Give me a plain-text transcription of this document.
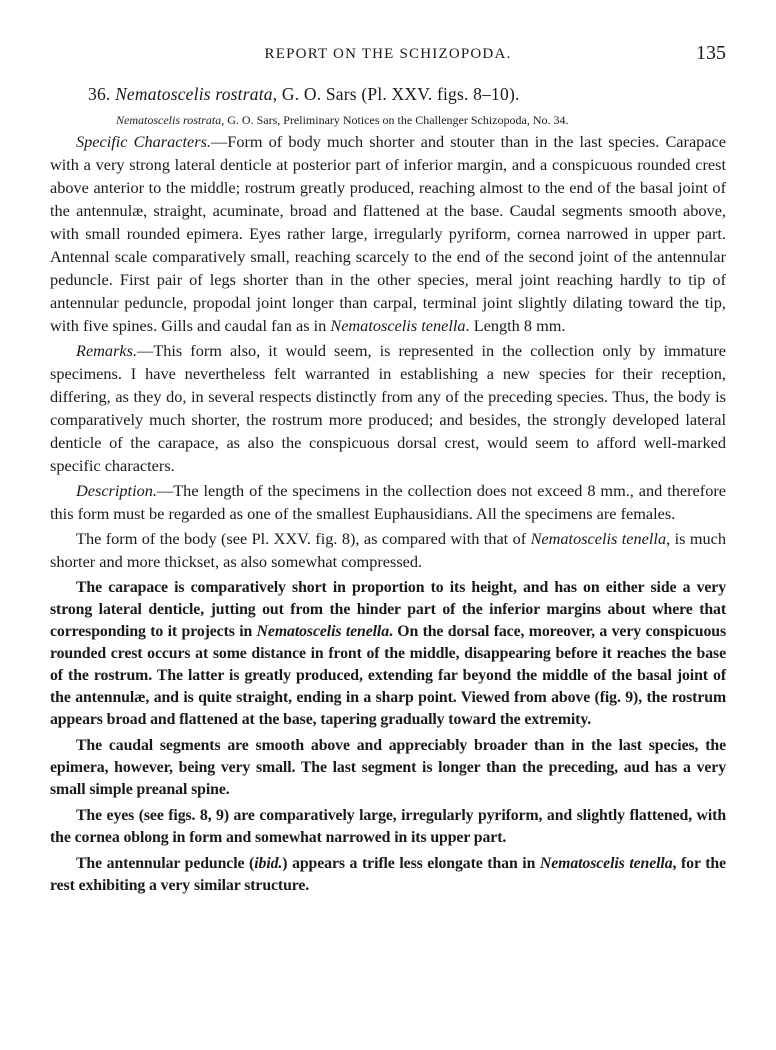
REPORT ON THE SCHIZOPODA.	135
36. Nematoscelis rostrata, G. O. Sars (Pl. XXV. figs. 8–10).
Nematoscelis rostrata, G. O. Sars, Preliminary Notices on the Challenger Schizopoda, No. 34.

Specific Characters.—Form of body much shorter and stouter than in the last species. Carapace with a very strong lateral denticle at posterior part of inferior margin, and a conspicuous rounded crest above anterior to the middle; rostrum greatly produced, reaching almost to the end of the basal joint of the antennulæ, straight, acuminate, broad and flattened at the base. Caudal segments smooth above, with small rounded epimera. Eyes rather large, irregularly pyriform, cornea narrowed in upper part. Antennal scale comparatively small, reaching scarcely to the end of the second joint of the antennular peduncle. First pair of legs shorter than in the other species, meral joint reaching hardly to tip of antennular peduncle, propodal joint longer than carpal, terminal joint slightly dilating toward the tip, with five spines. Gills and caudal fan as in Nematoscelis tenella. Length 8 mm.

Remarks.—This form also, it would seem, is represented in the collection only by immature specimens. I have nevertheless felt warranted in establishing a new species for their reception, differing, as they do, in several respects distinctly from any of the preceding species. Thus, the body is comparatively much shorter, the rostrum more produced; and besides, the strongly developed lateral denticle of the carapace, as also the conspicuous dorsal crest, would seem to afford well-marked specific characters.

Description.—The length of the specimens in the collection does not exceed 8 mm., and therefore this form must be regarded as one of the smallest Euphausidians. All the specimens are females.

The form of the body (see Pl. XXV. fig. 8), as compared with that of Nematoscelis tenella, is much shorter and more thickset, as also somewhat compressed.

The carapace is comparatively short in proportion to its height, and has on either side a very strong lateral denticle, jutting out from the hinder part of the inferior margins about where that corresponding to it projects in Nematoscelis tenella. On the dorsal face, moreover, a very conspicuous rounded crest occurs at some distance in front of the middle, disappearing before it reaches the base of the rostrum. The latter is greatly produced, extending far beyond the middle of the basal joint of the antennulæ, and is quite straight, ending in a sharp point. Viewed from above (fig. 9), the rostrum appears broad and flattened at the base, tapering gradually toward the extremity.

The caudal segments are smooth above and appreciably broader than in the last species, the epimera, however, being very small. The last segment is longer than the preceding, aud has a very small simple preanal spine.

The eyes (see figs. 8, 9) are comparatively large, irregularly pyriform, and slightly flattened, with the cornea oblong in form and somewhat narrowed in its upper part.

The antennular peduncle (ibid.) appears a trifle less elongate than in Nematoscelis tenella, for the rest exhibiting a very similar structure.
